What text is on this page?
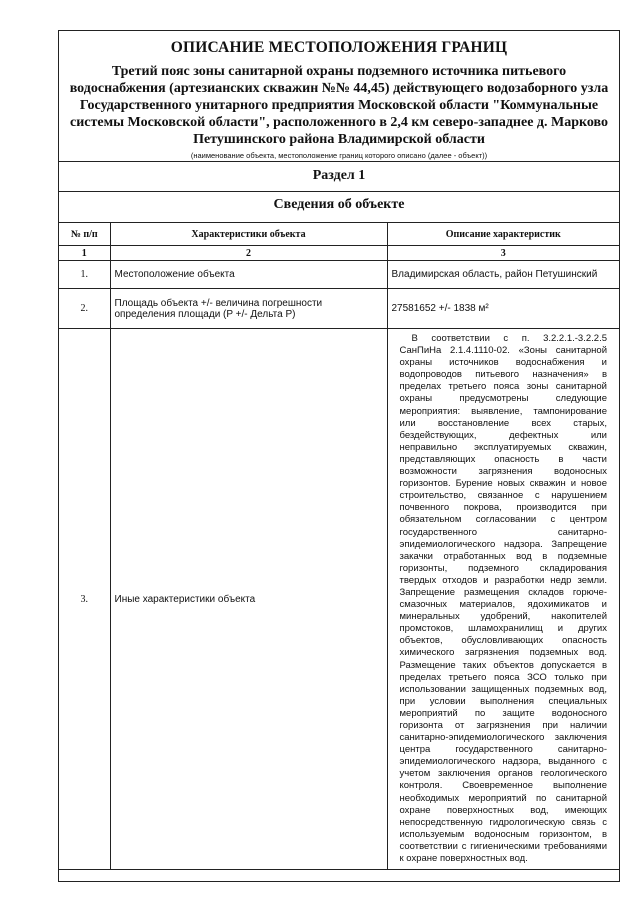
ОПИСАНИЕ МЕСТОПОЛОЖЕНИЯ ГРАНИЦ
Третий пояс зоны санитарной охраны подземного источника питьевого водоснабжения (артезианских скважин №№ 44,45) действующего водозаборного узла Государственного унитарного предприятия Московской области "Коммунальные системы Московской области", расположенного в 2,4 км северо-западнее д. Марково Петушинского района Владимирской области
(наименование объекта, местоположение границ которого описано (далее - объект))
Раздел 1
Сведения об объекте
№ п/п	Характеристики объекта	Описание характеристик
1	2	3
1.	Местоположение объекта	Владимирская область, район Петушинский
2.	Площадь объекта +/- величина погрешности определения площади (P +/- Дельта P)	27581652 +/- 1838 м²
3.	Иные характеристики объекта	В соответствии с п. 3.2.2.1.-3.2.2.5 СанПиНа 2.1.4.1110-02. «Зоны санитарной охраны источников водоснабжения и водопроводов питьевого назначения» в пределах третьего пояса зоны санитарной охраны предусмотрены следующие мероприятия: выявление, тампонирование или восстановление всех старых, бездействующих, дефектных или неправильно эксплуатируемых скважин, представляющих опасность в части возможности загрязнения водоносных горизонтов. Бурение новых скважин и новое строительство, связанное с нарушением почвенного покрова, производится при обязательном согласовании с центром государственного санитарно-эпидемиологического надзора. Запрещение закачки отработанных вод в подземные горизонты, подземного складирования твердых отходов и разработки недр земли. Запрещение размещения складов горюче-смазочных материалов, ядохимикатов и минеральных удобрений, накопителей промстоков, шламохранилищ и других объектов, обусловливающих опасность химического загрязнения подземных вод. Размещение таких объектов допускается в пределах третьего пояса ЗСО только при использовании защищенных подземных вод, при условии выполнения специальных мероприятий по защите водоносного горизонта от загрязнения при наличии санитарно-эпидемиологического заключения центра государственного санитарно-эпидемиологического надзора, выданного с учетом заключения органов геологического контроля. Своевременное выполнение необходимых мероприятий по санитарной охране поверхностных вод, имеющих непосредственную гидрологическую связь с используемым водоносным горизонтом, в соответствии с гигиеническими требованиями к охране поверхностных вод.
